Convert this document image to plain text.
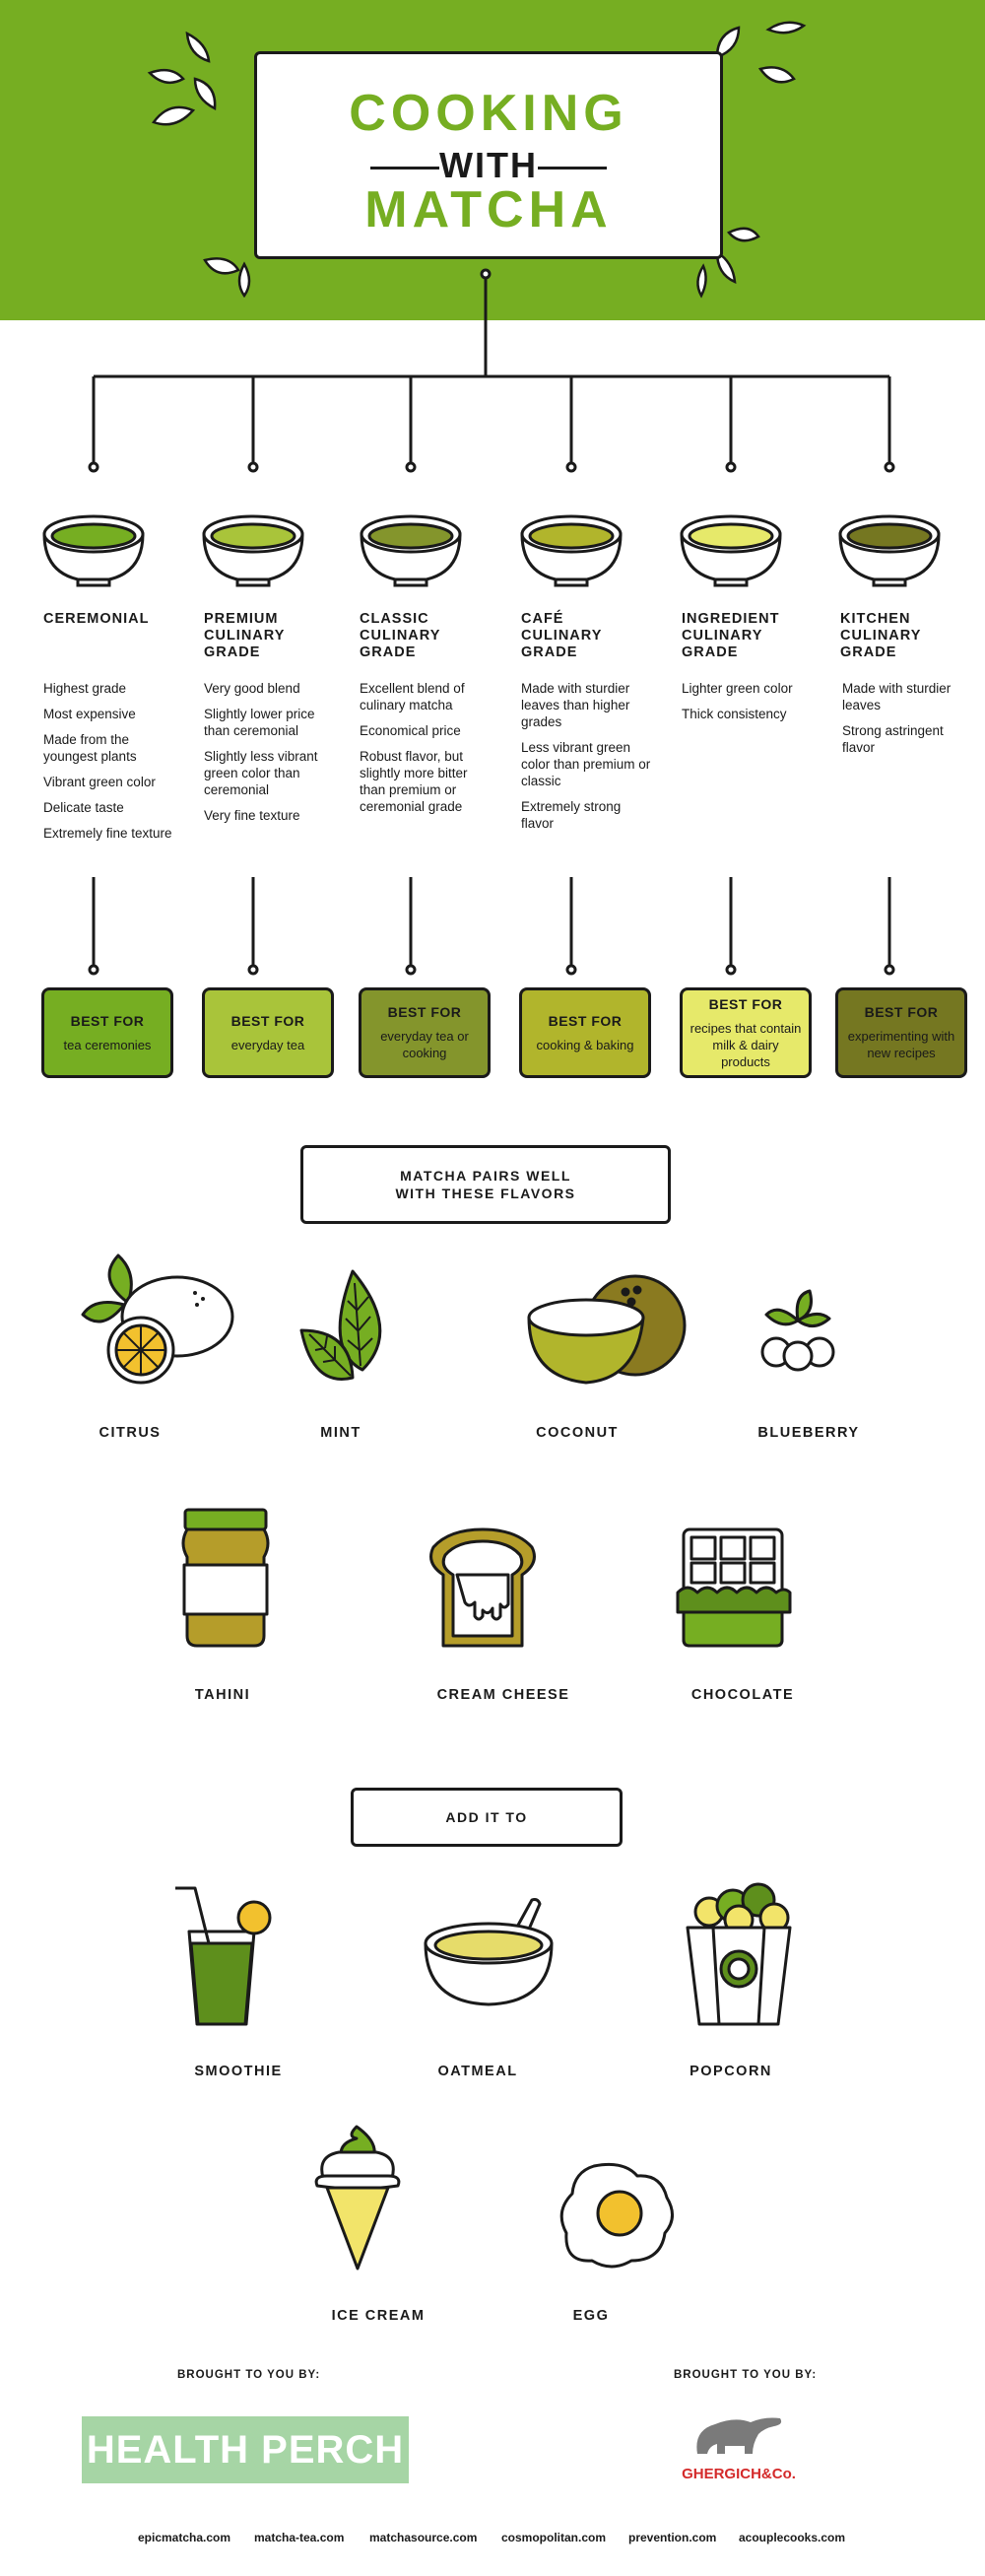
COOKING
WITH
MATCHA
CEREMONIAL
Highest grade
Most expensive
Made from the youngest plants
Vibrant green color
Delicate taste
Extremely fine texture
PREMIUM CULINARY GRADE
Very good blend
Slightly lower price than ceremonial
Slightly less vibrant green color than ceremonial
Very fine texture
CLASSIC CULINARY GRADE
Excellent blend of culinary matcha
Economical price
Robust flavor, but slightly more bitter than premium or ceremonial grade
CAFÉ CULINARY GRADE
Made with sturdier leaves than higher grades
Less vibrant green color than premium or classic
Extremely strong flavor
INGREDIENT CULINARY GRADE
Lighter green color
Thick consistency
KITCHEN CULINARY GRADE
Made with sturdier leaves
Strong astringent flavor
BEST FOR
tea ceremonies
BEST FOR
everyday tea
BEST FOR
everyday tea or cooking
BEST FOR
cooking & baking
BEST FOR
recipes that contain milk & dairy products
BEST FOR
experimenting with new recipes
MATCHA PAIRS WELL WITH THESE FLAVORS
CITRUS	MINT	COCONUT	BLUEBERRY
TAHINI	CREAM CHEESE	CHOCOLATE
ADD IT TO
SMOOTHIE	OATMEAL	POPCORN
ICE CREAM	EGG
BROUGHT TO YOU BY:	BROUGHT TO YOU BY:
HEALTH PERCH
GHERGICH&Co.
epicmatcha.com matcha-tea.com matchasource.com cosmopolitan.com prevention.com acouplecooks.com
